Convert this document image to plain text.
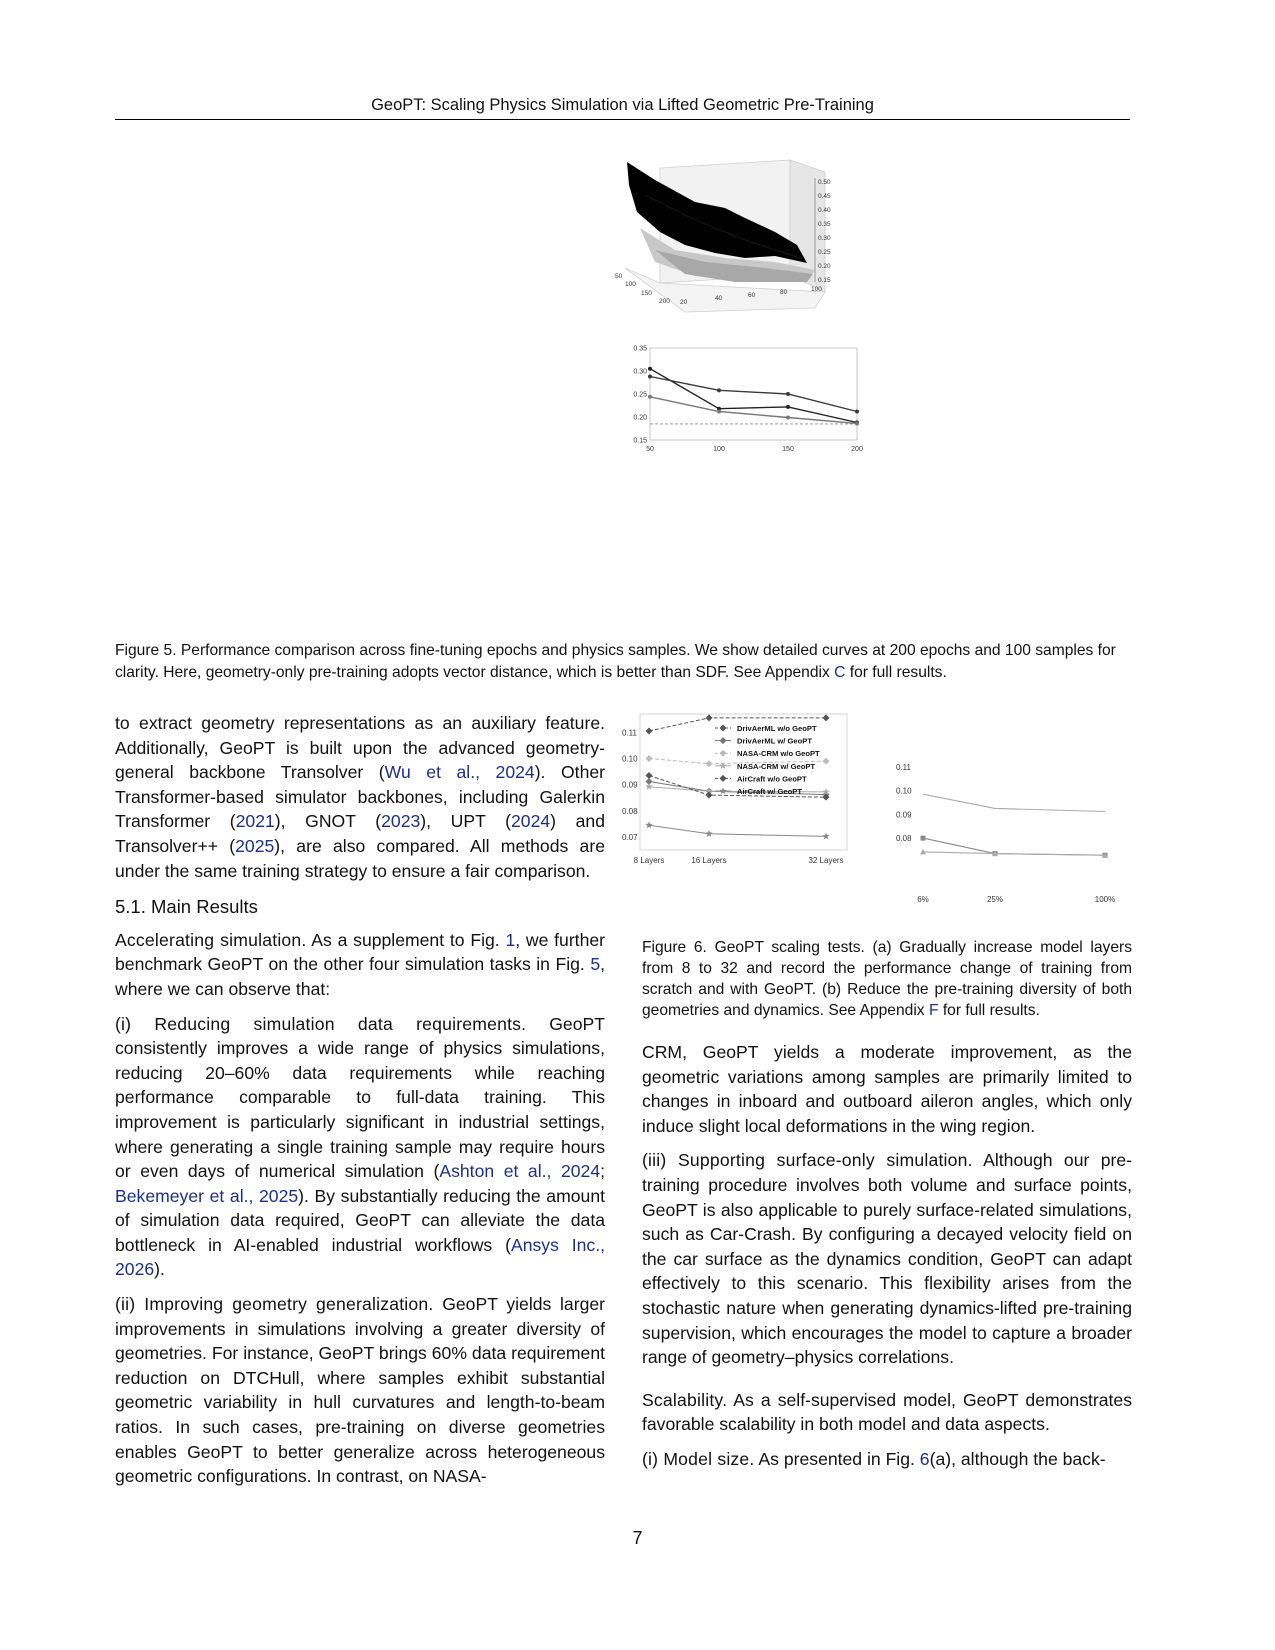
GeoPT: Scaling Physics Simulation via Lifted Geometric Pre-Training
0.50
0.45
0.40
0.35
0.30
0.25
0.20
0.15
50
100
150
200 20
40	60	80	100
0.15
0.20
0.25
0.30
0.35
50	100	150	200
Figure 5. Performance comparison across fine-tuning epochs and physics samples. We show detailed curves at 200 epochs and 100 samples for clarity. Here, geometry-only pre-training adopts vector distance, which is better than SDF. See Appendix C for full results.
0.07
0.08
0.09
0.10
0.11	DrivAerML w/o GeoPT
DrivAerML w/ GeoPT
NASA-CRM w/o GeoPT
NASA-CRM w/ GeoPT
AirCraft w/o GeoPT
AirCraft w/ GeoPT
8 Layers	16 Layers	32 Layers
0.08
0.09
0.10
0.11
6%	25%	100%
Figure 6. GeoPT scaling tests. (a) Gradually increase model layers from 8 to 32 and record the performance change of training from scratch and with GeoPT. (b) Reduce the pre-training diversity of both geometries and dynamics. See Appendix F for full results.

to extract geometry representations as an auxiliary feature. Additionally, GeoPT is built upon the advanced geometry-general backbone Transolver (Wu et al., 2024). Other Transformer-based simulator backbones, including Galerkin Transformer (2021), GNOT (2023), UPT (2024) and Transolver++ (2025), are also compared. All methods are under the same training strategy to ensure a fair comparison.

5.1. Main Results

Accelerating simulation. As a supplement to Fig. 1, we further benchmark GeoPT on the other four simulation tasks in Fig. 5, where we can observe that:

(i) Reducing simulation data requirements. GeoPT consistently improves a wide range of physics simulations, reducing 20–60% data requirements while reaching performance comparable to full-data training. This improvement is particularly significant in industrial settings, where generating a single training sample may require hours or even days of numerical simulation (Ashton et al., 2024; Bekemeyer et al., 2025). By substantially reducing the amount of simulation data required, GeoPT can alleviate the data bottleneck in AI-enabled industrial workflows (Ansys Inc., 2026).

(ii) Improving geometry generalization. GeoPT yields larger improvements in simulations involving a greater diversity of geometries. For instance, GeoPT brings 60% data requirement reduction on DTCHull, where samples exhibit substantial geometric variability in hull curvatures and length-to-beam ratios. In such cases, pre-training on diverse geometries enables GeoPT to better generalize across heterogeneous geometric configurations. In contrast, on NASA-

CRM, GeoPT yields a moderate improvement, as the geometric variations among samples are primarily limited to changes in inboard and outboard aileron angles, which only induce slight local deformations in the wing region.

(iii) Supporting surface-only simulation. Although our pre-training procedure involves both volume and surface points, GeoPT is also applicable to purely surface-related simulations, such as Car-Crash. By configuring a decayed velocity field on the car surface as the dynamics condition, GeoPT can adapt effectively to this scenario. This flexibility arises from the stochastic nature when generating dynamics-lifted pre-training supervision, which encourages the model to capture a broader range of geometry–physics correlations.

Scalability. As a self-supervised model, GeoPT demonstrates favorable scalability in both model and data aspects.

(i) Model size. As presented in Fig. 6(a), although the back-

7
